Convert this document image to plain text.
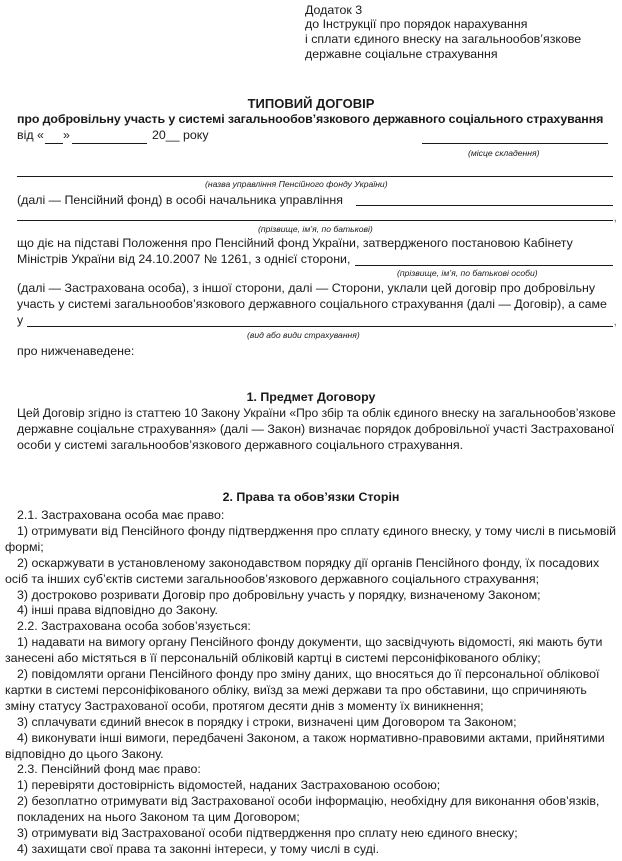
Додаток 3
до Інструкції про порядок нарахування
і сплати єдиного внеску на загальнообов’язкове
державне соціальне страхування
ТИПОВИЙ ДОГОВІР
про добровільну участь у системі загальнообов’язкового державного соціального страхування
від « »	20__ року
(місце складення)
(назва управління Пенсійного фонду України)
(далі — Пенсійний фонд) в особі начальника управління
,
(прізвище, ім’я, по батькові)
що діє на підставі Положення про Пенсійний фонд України, затвердженого постановою Кабінету
Міністрів України від 24.10.2007 № 1261, з однієї сторони,
(прізвище, ім’я, по батькові особи)
(далі — Застрахована особа), з іншої сторони, далі — Сторони, уклали цей договір про добровільну
участь у системі загальнообов’язкового державного соціального страхування (далі — Договір), а саме
у	,
(вид або види страхування)
про нижченаведене:
1. Предмет Договору
Цей Договір згідно із статтею 10 Закону України «Про збір та облік єдиного внеску на загальнообов’язкове
державне соціальне страхування» (далі — Закон) визначає порядок добровільної участі Застрахованої
особи у системі загальнообов’язкового державного соціального страхування.
2. Права та обов’язки Сторін
2.1. Застрахована особа має право:
1) отримувати від Пенсійного фонду підтвердження про сплату єдиного внеску, у тому числі в письмовій
формі;
2) оскаржувати в установленому законодавством порядку дії органів Пенсійного фонду, їх посадових
осіб та інших суб’єктів системи загальнообов’язкового державного соціального страхування;
3) достроково розривати Договір про добровільну участь у порядку, визначеному Законом;
4) інші права відповідно до Закону.
2.2. Застрахована особа зобов’язується:
1) надавати на вимогу органу Пенсійного фонду документи, що засвідчують відомості, які мають бути
занесені або містяться в її персональній обліковій картці в системі персоніфікованого обліку;
2) повідомляти органи Пенсійного фонду про зміну даних, що вносяться до її персональної облікової
картки в системі персоніфікованого обліку, виїзд за межі держави та про обставини, що спричиняють
зміну статусу Застрахованої особи, протягом десяти днів з моменту їх виникнення;
3) сплачувати єдиний внесок в порядку і строки, визначені цим Договором та Законом;
4) виконувати інші вимоги, передбачені Законом, а також нормативно-правовими актами, прийнятими
відповідно до цього Закону.
2.3. Пенсійний фонд має право:
1) перевіряти достовірність відомостей, наданих Застрахованою особою;
2) безоплатно отримувати від Застрахованої особи інформацію, необхідну для виконання обов’язків,
покладених на нього Законом та цим Договором;
3) отримувати від Застрахованої особи підтвердження про сплату нею єдиного внеску;
4) захищати свої права та законні інтереси, у тому числі в суді.
